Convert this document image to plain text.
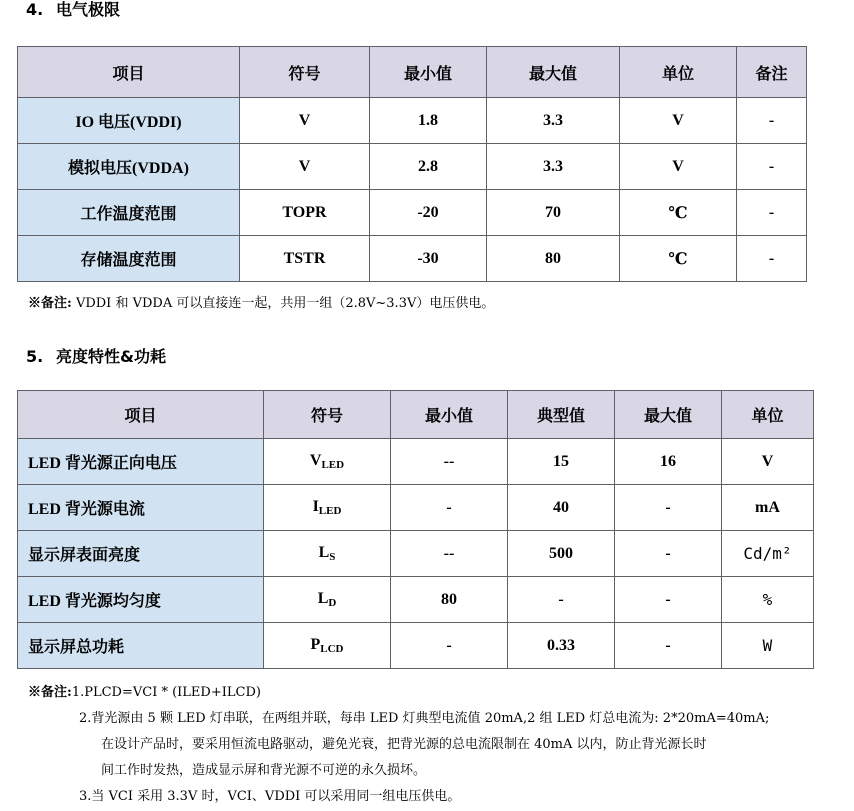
4. 电气极限
项目	符号	最小值	最大值	单位	备注
IO 电压(VDDI)	V	1.8	3.3	V	-
模拟电压(VDDA)	V	2.8	3.3	V	-
工作温度范围	TOPR	-20	70	℃	-
存储温度范围	TSTR	-30	80	℃	-
※备注: VDDI 和 VDDA 可以直接连一起，共用一组（2.8V~3.3V）电压供电。
5. 亮度特性&功耗
项目	符号	最小值	典型值	最大值	单位
LED 背光源正向电压	$V_{LED}$	--	15	16	V
LED 背光源电流	$I_{LED}$	-	40	-	mA
显示屏表面亮度	$L_S$	--	500	-	Cd/m²
LED 背光源均匀度	$L_D$	80	-	-	%
显示屏总功耗	$P_{LCD}$	-	0.33	-	W
※备注:1.PLCD=VCI * (ILED+ILCD)
2.背光源由 5 颗 LED 灯串联，在两组并联，每串 LED 灯典型电流值 20mA,2 组 LED 灯总电流为: 2*20mA=40mA;
在设计产品时，要采用恒流电路驱动，避免光衰，把背光源的总电流限制在 40mA 以内，防止背光源长时
间工作时发热，造成显示屏和背光源不可逆的永久损坏。
3.当 VCI 采用 3.3V 时，VCI、VDDI 可以采用同一组电压供电。
